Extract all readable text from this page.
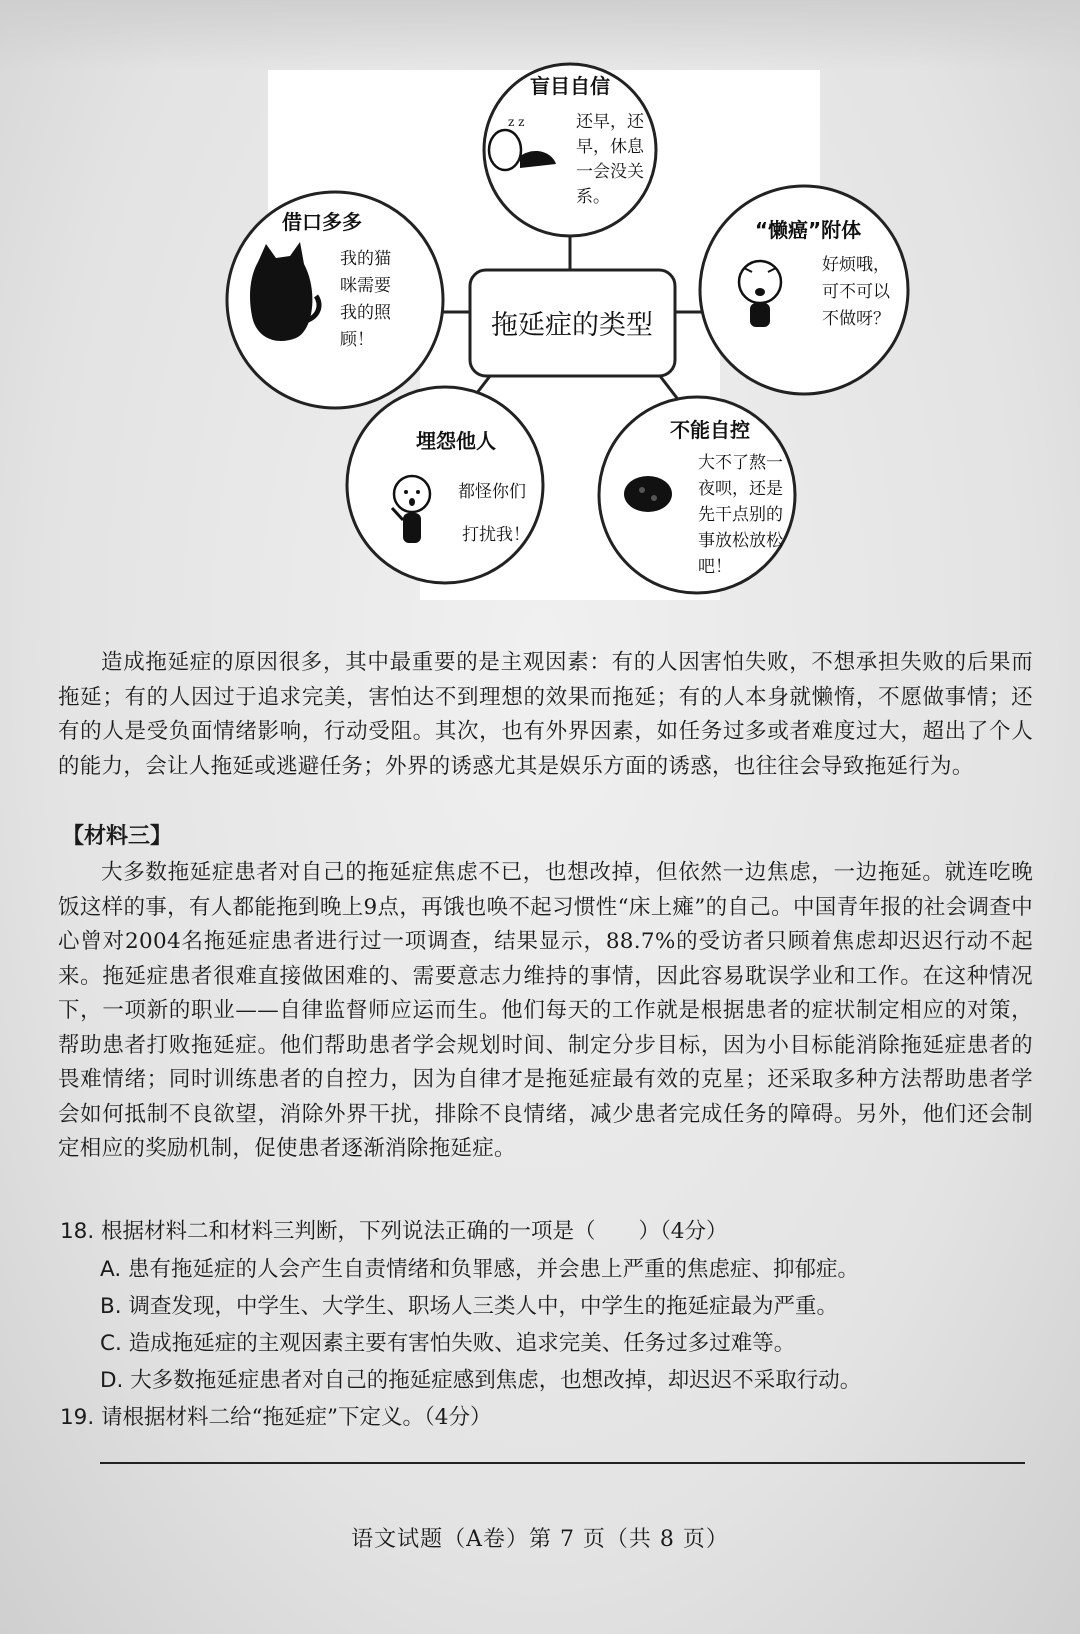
拖延症的类型
盲目自信
z z	还早，还
早，休息
一会没关
系。
借口多多
我的猫
咪需要
我的照
顾！
“懒癌”附体
好烦哦，
可不可以
不做呀？
埋怨他人
都怪你们
打扰我！
不能自控
大不了熬一
夜呗，还是
先干点别的
事放松放松
吧！

造成拖延症的原因很多，其中最重要的是主观因素：有的人因害怕失败，不想承担失败的后果而拖延；有的人因过于追求完美，害怕达不到理想的效果而拖延；有的人本身就懒惰，不愿做事情；还有的人是受负面情绪影响，行动受阻。其次，也有外界因素，如任务过多或者难度过大，超出了个人的能力，会让人拖延或逃避任务；外界的诱惑尤其是娱乐方面的诱惑，也往往会导致拖延行为。

【材料三】

大多数拖延症患者对自己的拖延症焦虑不已，也想改掉，但依然一边焦虑，一边拖延。就连吃晚饭这样的事，有人都能拖到晚上9点，再饿也唤不起习惯性“床上瘫”的自己。中国青年报的社会调查中心曾对2004名拖延症患者进行过一项调查，结果显示，88.7%的受访者只顾着焦虑却迟迟行动不起来。拖延症患者很难直接做困难的、需要意志力维持的事情，因此容易耽误学业和工作。在这种情况下，一项新的职业——自律监督师应运而生。他们每天的工作就是根据患者的症状制定相应的对策，帮助患者打败拖延症。他们帮助患者学会规划时间、制定分步目标，因为小目标能消除拖延症患者的畏难情绪；同时训练患者的自控力，因为自律才是拖延症最有效的克星；还采取多种方法帮助患者学会如何抵制不良欲望，消除外界干扰，排除不良情绪，减少患者完成任务的障碍。另外，他们还会制定相应的奖励机制，促使患者逐渐消除拖延症。

18. 根据材料二和材料三判断，下列说法正确的一项是（　　）（4分）
A. 患有拖延症的人会产生自责情绪和负罪感，并会患上严重的焦虑症、抑郁症。
B. 调查发现，中学生、大学生、职场人三类人中，中学生的拖延症最为严重。
C. 造成拖延症的主观因素主要有害怕失败、追求完美、任务过多过难等。
D. 大多数拖延症患者对自己的拖延症感到焦虑，也想改掉，却迟迟不采取行动。
19. 请根据材料二给“拖延症”下定义。（4分）
语文试题（A卷）第 7 页（共 8 页）
